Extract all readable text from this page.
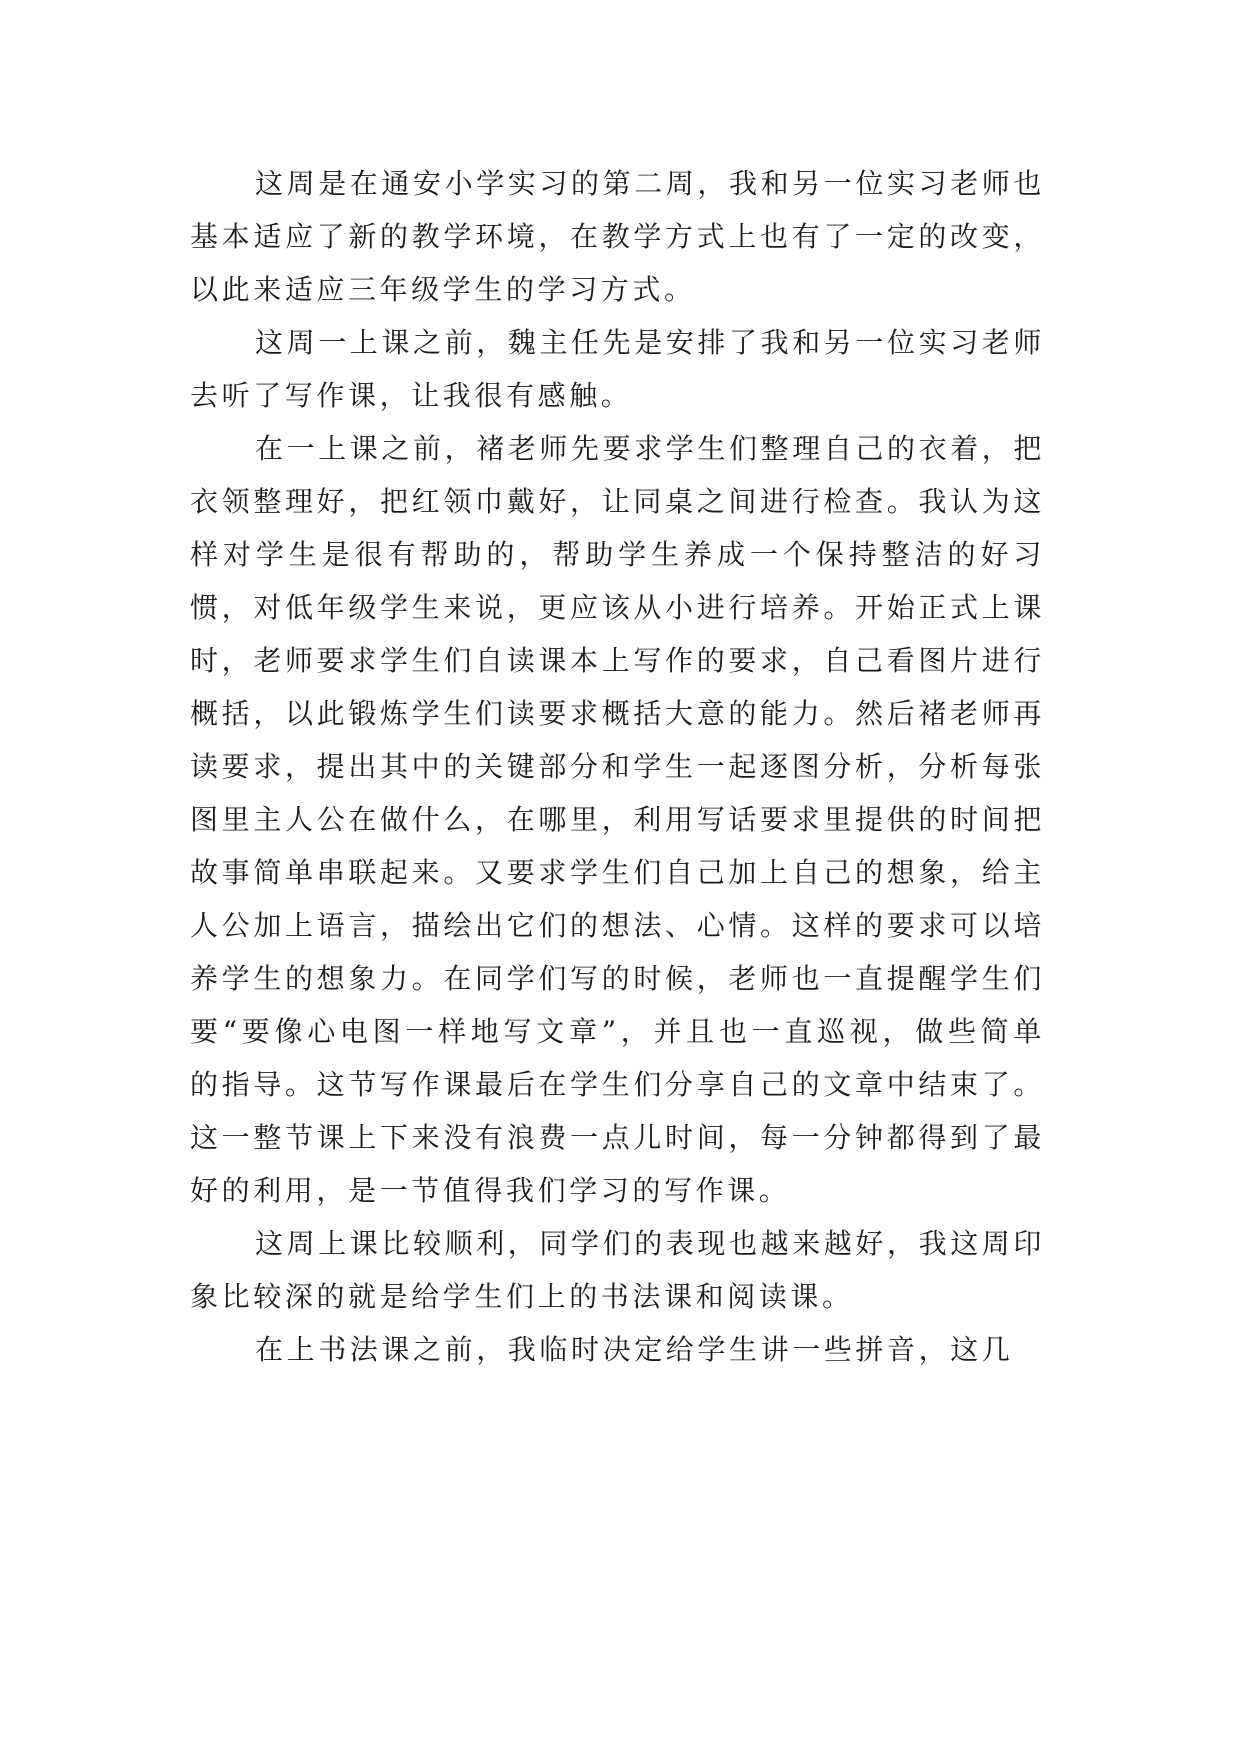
这周是在通安小学实习的第二周，我和另一位实习老师也基本适应了新的教学环境，在教学方式上也有了一定的改变，以此来适应三年级学生的学习方式。

这周一上课之前，魏主任先是安排了我和另一位实习老师去听了写作课，让我很有感触。

在一上课之前，褚老师先要求学生们整理自己的衣着，把衣领整理好，把红领巾戴好，让同桌之间进行检查。我认为这样对学生是很有帮助的，帮助学生养成一个保持整洁的好习惯，对低年级学生来说，更应该从小进行培养。开始正式上课时，老师要求学生们自读课本上写作的要求，自己看图片进行概括，以此锻炼学生们读要求概括大意的能力。然后褚老师再读要求，提出其中的关键部分和学生一起逐图分析，分析每张图里主人公在做什么，在哪里，利用写话要求里提供的时间把故事简单串联起来。又要求学生们自己加上自己的想象，给主人公加上语言，描绘出它们的想法、心情。这样的要求可以培养学生的想象力。在同学们写的时候，老师也一直提醒学生们要“要像心电图一样地写文章”，并且也一直巡视，做些简单的指导。这节写作课最后在学生们分享自己的文章中结束了。这一整节课上下来没有浪费一点儿时间，每一分钟都得到了最好的利用，是一节值得我们学习的写作课。

这周上课比较顺利，同学们的表现也越来越好，我这周印象比较深的就是给学生们上的书法课和阅读课。

在上书法课之前，我临时决定给学生讲一些拼音，这几
